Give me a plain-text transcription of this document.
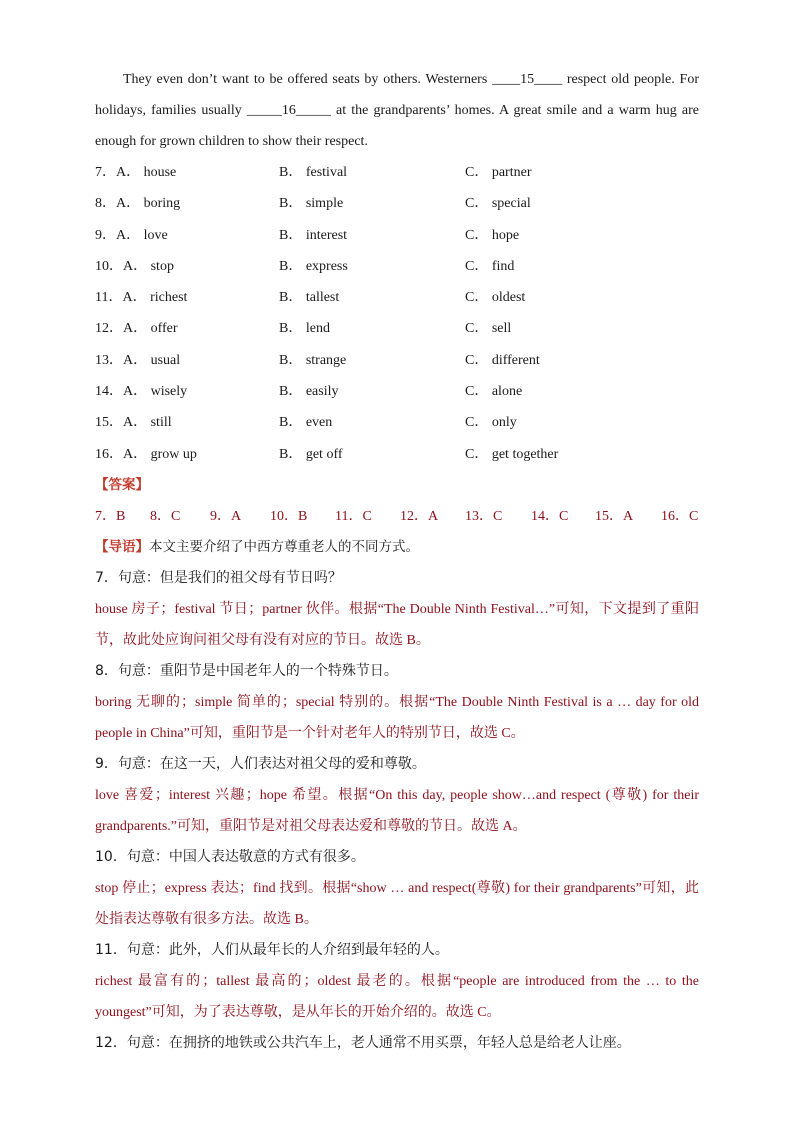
They even don’t want to be offered seats by others. Westerners ____15____ respect old people. For holidays, families usually _____16_____ at the grandparents’ homes. A great smile and a warm hug are enough for grown children to show their respect.
7．A． house	B． festival	C． partner
8．A． boring	B． simple	C． special
9．A． love	B． interest	C． hope
10．A． stop	B． express	C． find
11．A． richest	B． tallest	C． oldest
12．A． offer	B． lend	C． sell
13．A． usual	B． strange	C． different
14．A． wisely	B． easily	C． alone
15．A． still	B． even	C． only
16．A． grow up	B． get off	C． get together
【答案】
7．B 8．C 9．A 10．B 11．C 12．A 13．C 14．C 15．A 16．C
【导语】本文主要介绍了中西方尊重老人的不同方式。
7．句意：但是我们的祖父母有节日吗？
house 房子；festival 节日；partner 伙伴。根据“The Double Ninth Festival…”可知，下文提到了重阳节，故此处应询问祖父母有没有对应的节日。故选 B。
8．句意：重阳节是中国老年人的一个特殊节日。
boring 无聊的；simple 简单的；special 特别的。根据“The Double Ninth Festival is a … day for old people in China”可知，重阳节是一个针对老年人的特别节日，故选 C。
9．句意：在这一天，人们表达对祖父母的爱和尊敬。
love 喜爱；interest 兴趣；hope 希望。根据“On this day, people show…and respect (尊敬) for their grandparents.”可知，重阳节是对祖父母表达爱和尊敬的节日。故选 A。
10．句意：中国人表达敬意的方式有很多。
stop 停止；express 表达；find 找到。根据“show … and respect(尊敬) for their grandparents”可知，此处指表达尊敬有很多方法。故选 B。
11．句意：此外，人们从最年长的人介绍到最年轻的人。
richest 最富有的；tallest 最高的；oldest 最老的。根据“people are introduced from the … to the youngest”可知，为了表达尊敬，是从年长的开始介绍的。故选 C。
12．句意：在拥挤的地铁或公共汽车上，老人通常不用买票，年轻人总是给老人让座。
